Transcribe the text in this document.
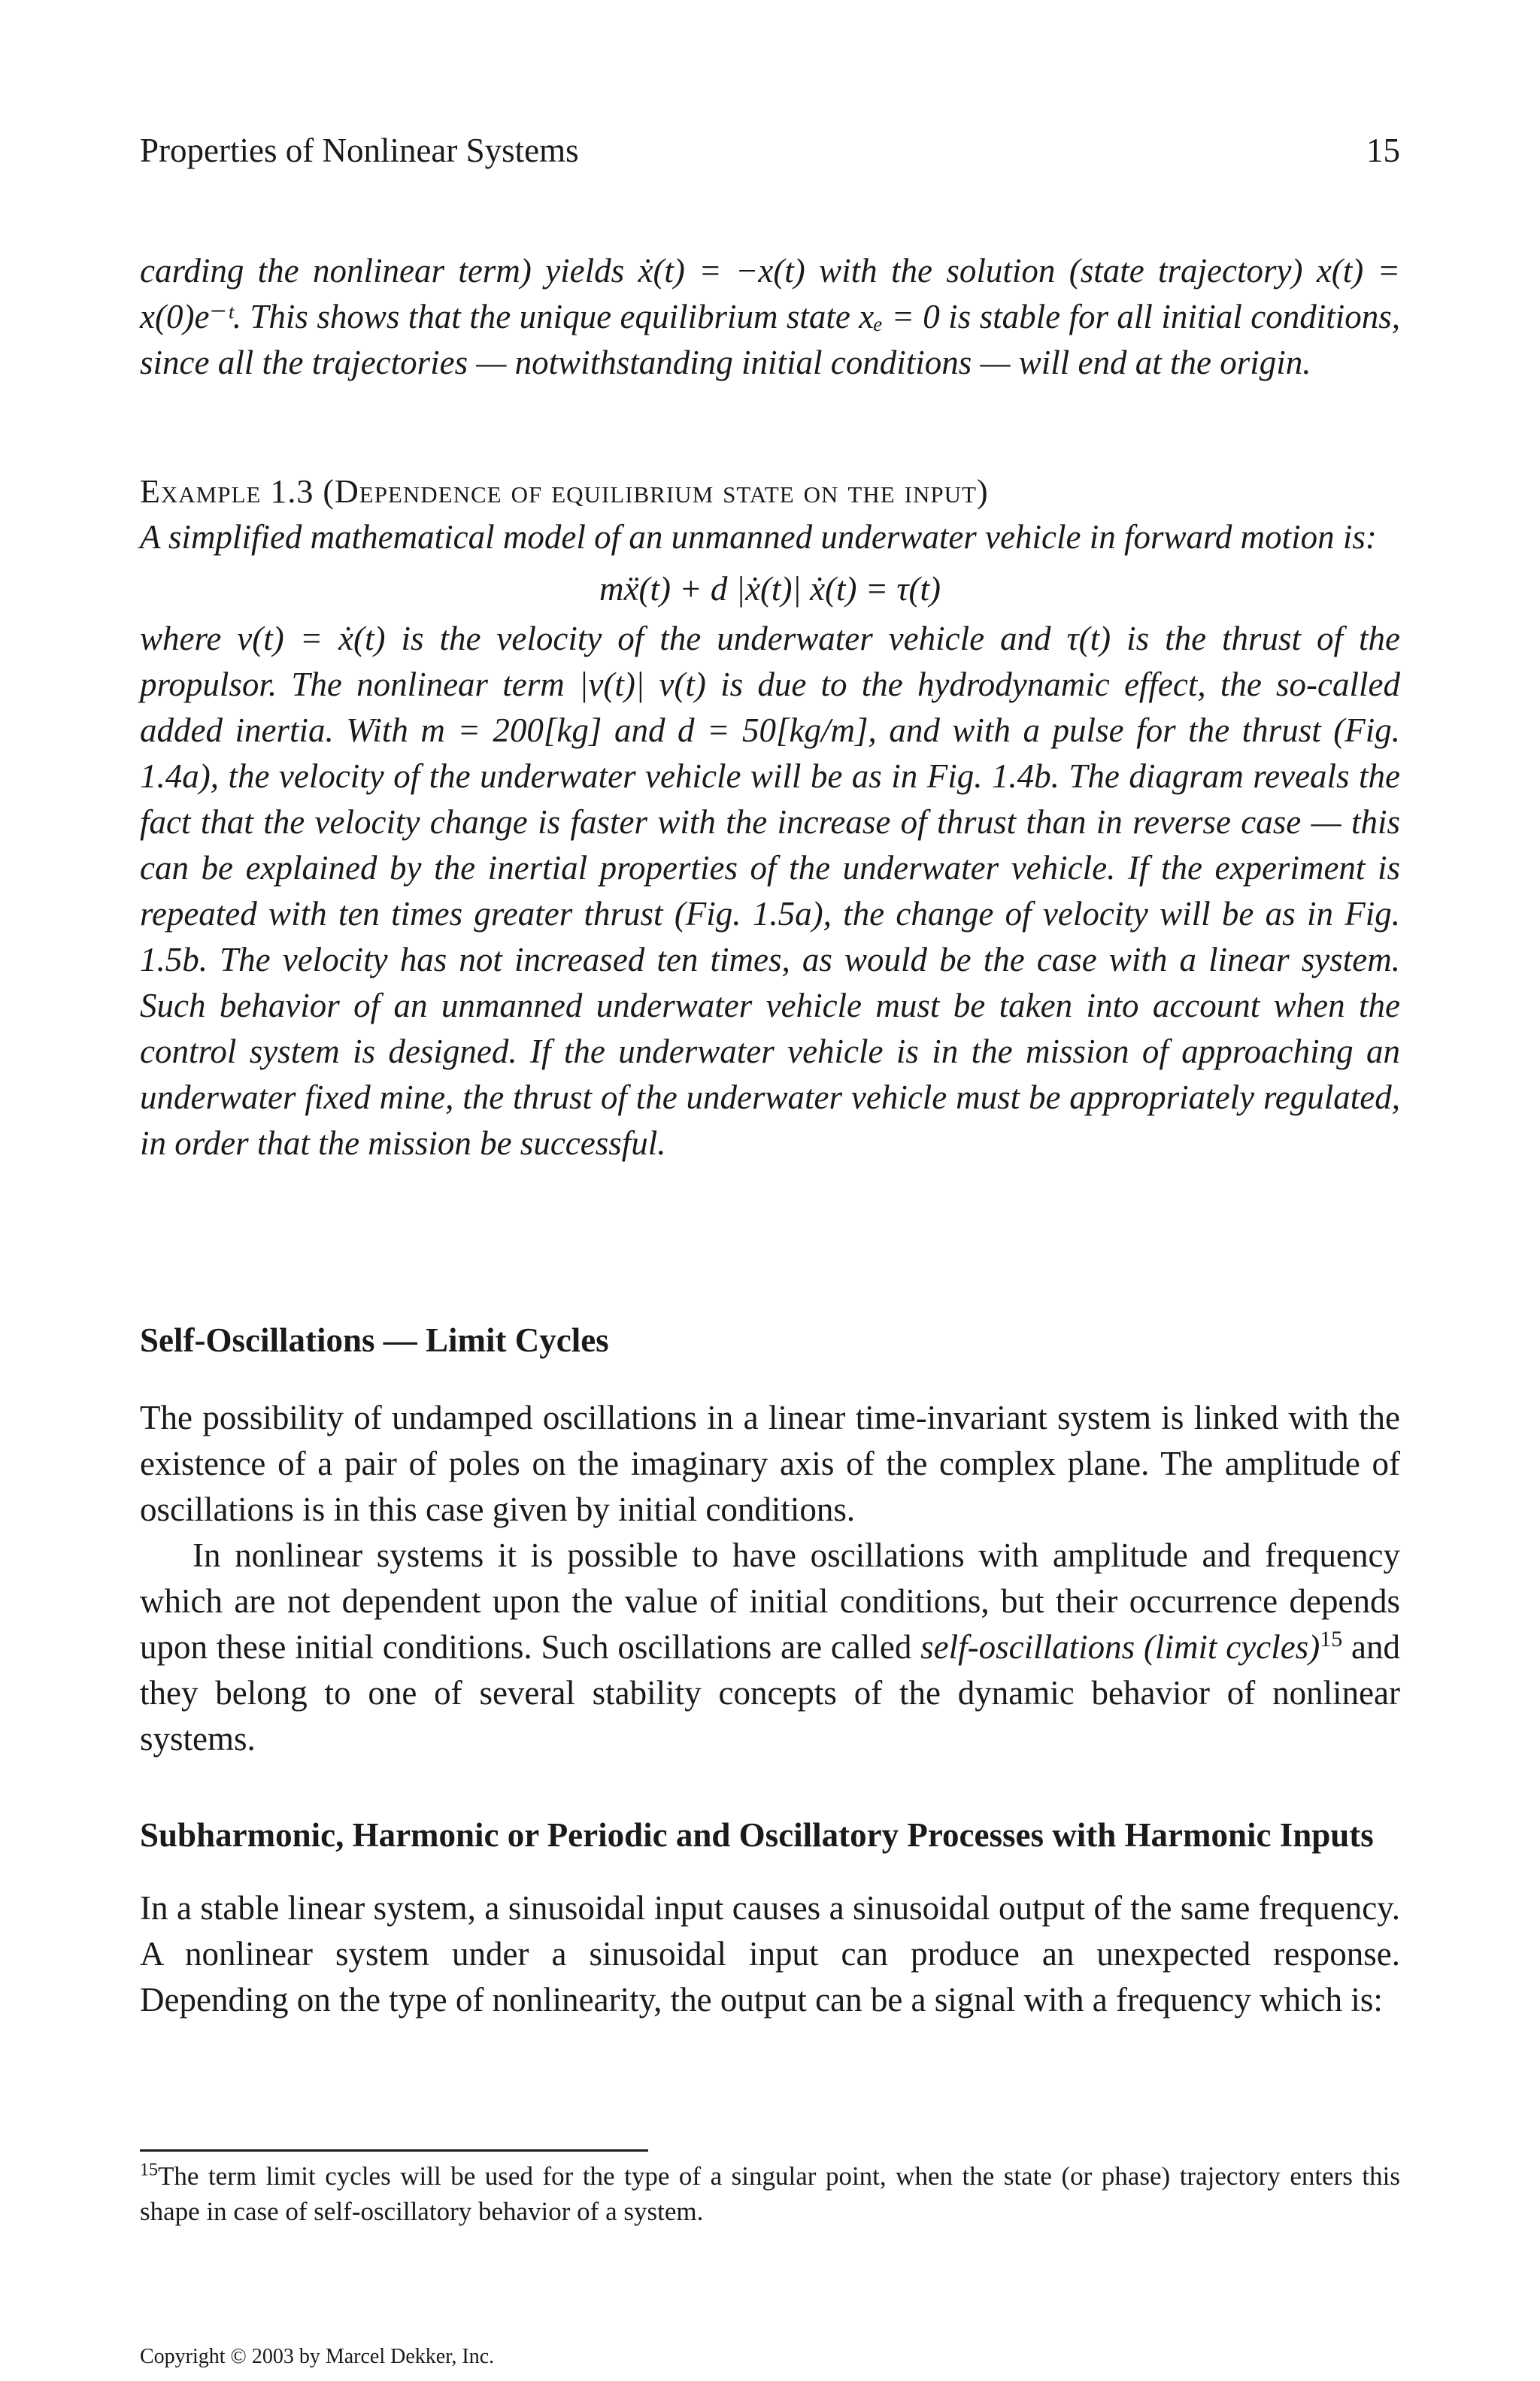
Properties of Nonlinear Systems	15

carding the nonlinear term) yields ẋ(t) = −x(t) with the solution (state trajectory) x(t) = x(0)e⁻ᵗ. This shows that the unique equilibrium state xₑ = 0 is stable for all initial conditions, since all the trajectories — notwithstanding initial conditions — will end at the origin.

Example 1.3 (Dependence of equilibrium state on the input)

A simplified mathematical model of an unmanned underwater vehicle in forward motion is:

mẍ(t) + d |ẋ(t)| ẋ(t) = τ(t)

where v(t) = ẋ(t) is the velocity of the underwater vehicle and τ(t) is the thrust of the propulsor. The nonlinear term |v(t)| v(t) is due to the hydrodynamic effect, the so-called added inertia. With m = 200[kg] and d = 50[kg/m], and with a pulse for the thrust (Fig. 1.4a), the velocity of the underwater vehicle will be as in Fig. 1.4b. The diagram reveals the fact that the velocity change is faster with the increase of thrust than in reverse case — this can be explained by the inertial properties of the underwater vehicle. If the experiment is repeated with ten times greater thrust (Fig. 1.5a), the change of velocity will be as in Fig. 1.5b. The velocity has not increased ten times, as would be the case with a linear system. Such behavior of an unmanned underwater vehicle must be taken into account when the control system is designed. If the underwater vehicle is in the mission of approaching an underwater fixed mine, the thrust of the underwater vehicle must be appropriately regulated, in order that the mission be successful.

Self-Oscillations — Limit Cycles

The possibility of undamped oscillations in a linear time-invariant system is linked with the existence of a pair of poles on the imaginary axis of the complex plane. The amplitude of oscillations is in this case given by initial conditions.

In nonlinear systems it is possible to have oscillations with amplitude and frequency which are not dependent upon the value of initial conditions, but their occurrence depends upon these initial conditions. Such oscillations are called self-oscillations (limit cycles)$^{15}$ and they belong to one of several stability concepts of the dynamic behavior of nonlinear systems.

Subharmonic, Harmonic or Periodic and Oscillatory Processes with Harmonic Inputs

In a stable linear system, a sinusoidal input causes a sinusoidal output of the same frequency. A nonlinear system under a sinusoidal input can produce an unexpected response. Depending on the type of nonlinearity, the output can be a signal with a frequency which is:

$^{15}$The term limit cycles will be used for the type of a singular point, when the state (or phase) trajectory enters this shape in case of self-oscillatory behavior of a system.
Copyright © 2003 by Marcel Dekker, Inc.
